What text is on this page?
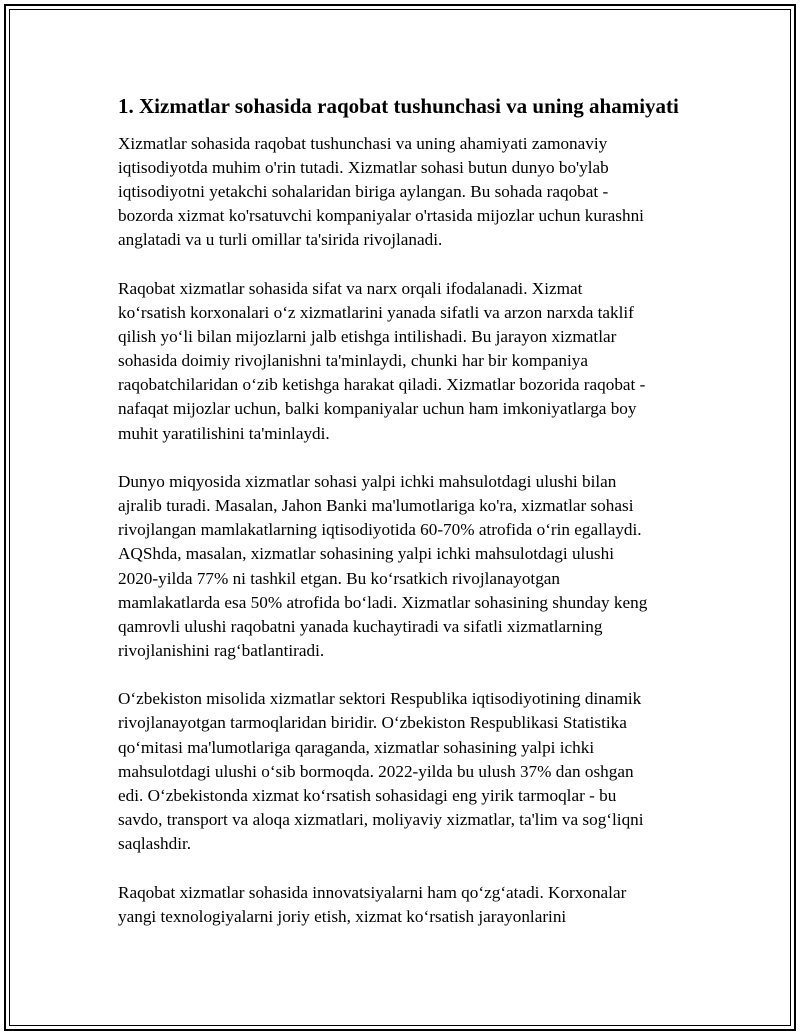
1. Xizmatlar sohasida raqobat tushunchasi va uning ahamiyati

Xizmatlar sohasida raqobat tushunchasi va uning ahamiyati zamonaviy
iqtisodiyotda muhim o'rin tutadi. Xizmatlar sohasi butun dunyo bo'ylab
iqtisodiyotni yetakchi sohalaridan biriga aylangan. Bu sohada raqobat -
bozorda xizmat ko'rsatuvchi kompaniyalar o'rtasida mijozlar uchun kurashni
anglatadi va u turli omillar ta'sirida rivojlanadi.

Raqobat xizmatlar sohasida sifat va narx orqali ifodalanadi. Xizmat
ko‘rsatish korxonalari o‘z xizmatlarini yanada sifatli va arzon narxda taklif
qilish yo‘li bilan mijozlarni jalb etishga intilishadi. Bu jarayon xizmatlar
sohasida doimiy rivojlanishni ta'minlaydi, chunki har bir kompaniya
raqobatchilaridan o‘zib ketishga harakat qiladi. Xizmatlar bozorida raqobat -
nafaqat mijozlar uchun, balki kompaniyalar uchun ham imkoniyatlarga boy
muhit yaratilishini ta'minlaydi.

Dunyo miqyosida xizmatlar sohasi yalpi ichki mahsulotdagi ulushi bilan
ajralib turadi. Masalan, Jahon Banki ma'lumotlariga ko'ra, xizmatlar sohasi
rivojlangan mamlakatlarning iqtisodiyotida 60-70% atrofida o‘rin egallaydi.
AQShda, masalan, xizmatlar sohasining yalpi ichki mahsulotdagi ulushi
2020-yilda 77% ni tashkil etgan. Bu ko‘rsatkich rivojlanayotgan
mamlakatlarda esa 50% atrofida bo‘ladi. Xizmatlar sohasining shunday keng
qamrovli ulushi raqobatni yanada kuchaytiradi va sifatli xizmatlarning
rivojlanishini rag‘batlantiradi.

O‘zbekiston misolida xizmatlar sektori Respublika iqtisodiyotining dinamik
rivojlanayotgan tarmoqlaridan biridir. O‘zbekiston Respublikasi Statistika
qo‘mitasi ma'lumotlariga qaraganda, xizmatlar sohasining yalpi ichki
mahsulotdagi ulushi o‘sib bormoqda. 2022-yilda bu ulush 37% dan oshgan
edi. O‘zbekistonda xizmat ko‘rsatish sohasidagi eng yirik tarmoqlar - bu
savdo, transport va aloqa xizmatlari, moliyaviy xizmatlar, ta'lim va sog‘liqni
saqlashdir.

Raqobat xizmatlar sohasida innovatsiyalarni ham qo‘zg‘atadi. Korxonalar
yangi texnologiyalarni joriy etish, xizmat ko‘rsatish jarayonlarini
